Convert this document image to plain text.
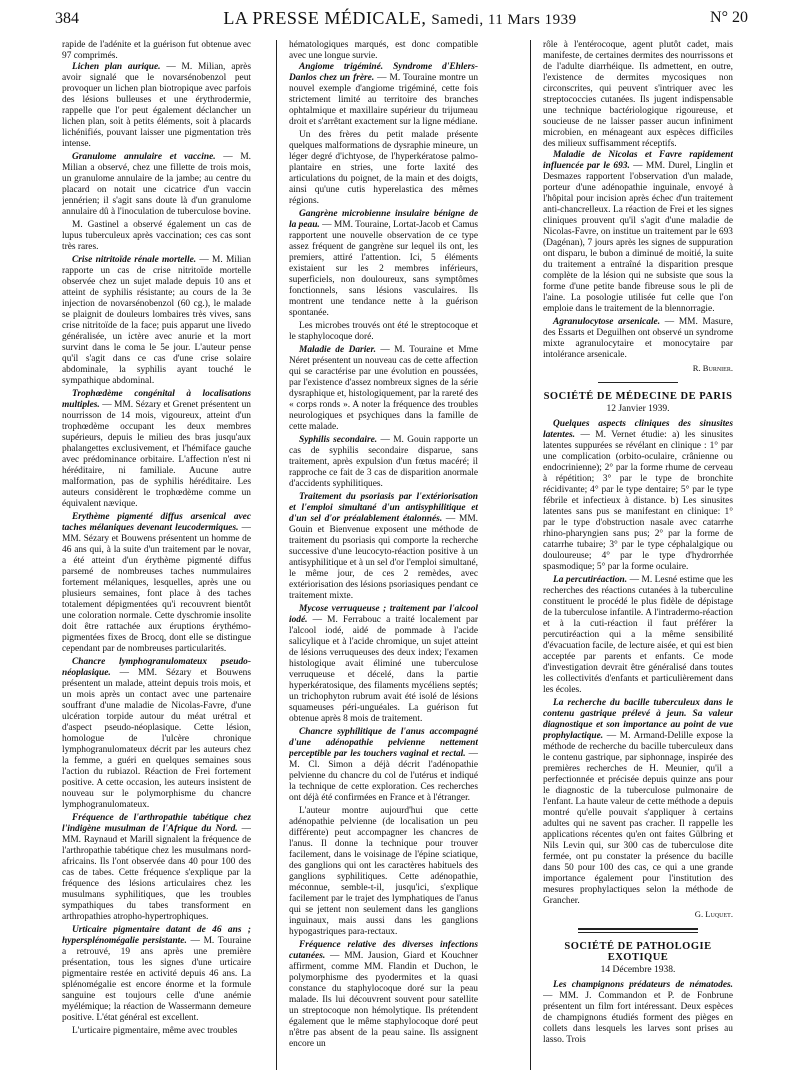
384	LA PRESSE MÉDICALE, Samedi, 11 Mars 1939	N° 20

rapide de l'adénite et la guérison fut obtenue avec 97 comprimés.

Lichen plan aurique. — M. Milian, après avoir signalé que le novarsénobenzol peut provoquer un lichen plan biotropique avec parfois des lésions bulleuses et une érythrodermie, rappelle que l'or peut également déclancher un lichen plan, soit à petits éléments, soit à placards lichénifiés, pouvant laisser une pigmentation très intense.

Granulome annulaire et vaccine. — M. Milian a observé, chez une fillette de trois mois, un granulome annulaire de la jambe; au centre du placard on notait une cicatrice d'un vaccin jennérien; il s'agit sans doute là d'un granulome annulaire dû à l'inoculation de tuberculose bovine.

M. Gastinel a observé également un cas de lupus tuberculeux après vaccination; ces cas sont très rares.

Crise nitritoïde rénale mortelle. — M. Milian rapporte un cas de crise nitritoïde mortelle observée chez un sujet malade depuis 10 ans et atteint de syphilis résistante; au cours de la 3e injection de novarsénobenzol (60 cg.), le malade se plaignit de douleurs lombaires très vives, sans crise nitritoïde de la face; puis apparut une livedo généralisée, un ictère avec anurie et la mort survint dans le coma le 5e jour. L'auteur pense qu'il s'agit dans ce cas d'une crise solaire abdominale, la syphilis ayant touché le sympathique abdominal.

Trophœdème congénital à localisations multiples. — MM. Sézary et Grenet présentent un nourrisson de 14 mois, vigoureux, atteint d'un trophœdème occupant les deux membres supérieurs, depuis le milieu des bras jusqu'aux phalangettes exclusivement, et l'hémiface gauche avec prédominance orbitaire. L'affection n'est ni héréditaire, ni familiale. Aucune autre malformation, pas de syphilis héréditaire. Les auteurs considèrent le trophœdème comme un équivalent nævique.

Erythème pigmenté diffus arsenical avec taches mélaniques devenant leucodermiques. — MM. Sézary et Bouwens présentent un homme de 46 ans qui, à la suite d'un traitement par le novar, a été atteint d'un érythème pigmenté diffus parsemé de nombreuses taches nummulaires fortement mélaniques, lesquelles, après une ou plusieurs semaines, font place à des taches totalement dépigmentées qu'i recouvrent bientôt une coloration normale. Cette dyschromie insolite doit être rattachée aux éruptions érythémo-pigmentées fixes de Brocq, dont elle se distingue cependant par de nombreuses particularités.

Chancre lymphogranulomateux pseudo-néoplasique. — MM. Sézary et Bouwens présentent un malade, atteint depuis trois mois, et un mois après un contact avec une partenaire souffrant d'une maladie de Nicolas-Favre, d'une ulcération torpide autour du méat urétral et d'aspect pseudo-néoplasique. Cette lésion, homologue de l'ulcère chronique lymphogranulomateux décrit par les auteurs chez la femme, a guéri en quelques semaines sous l'action du rubiazol. Réaction de Frei fortement positive. A cette occasion, les auteurs insistent de nouveau sur le polymorphisme du chancre lymphogranulomateux.

Fréquence de l'arthropathie tabétique chez l'indigène musulman de l'Afrique du Nord. — MM. Raynaud et Marill signalent la fréquence de l'arthropathie tabétique chez les musulmans nord-africains. Ils l'ont observée dans 40 pour 100 des cas de tabes. Cette fréquence s'explique par la fréquence des lésions articulaires chez les musulmans syphilitiques, que les troubles sympathiques du tabes transforment en arthropathies atropho-hypertrophiques.

Urticaire pigmentaire datant de 46 ans ; hypersplénomégalie persistante. — M. Touraine a retrouvé, 19 ans après une première présentation, tous les signes d'une urticaire pigmentaire restée en activité depuis 46 ans. La splénomégalie est encore énorme et la formule sanguine est toujours celle d'une anémie myélémique; la réaction de Wassermann demeure positive. L'état général est excellent.

L'urticaire pigmentaire, même avec troubles

hématologiques marqués, est donc compatible avec une longue survie.

Angiome trigéminé. Syndrome d'Ehlers-Danlos chez un frère. — M. Touraine montre un nouvel exemple d'angiome trigéminé, cette fois strictement limité au territoire des branches ophtalmique et maxillaire supérieur du trijumeau droit et s'arrêtant exactement sur la ligne médiane.

Un des frères du petit malade présente quelques malformations de dysraphie mineure, un léger degré d'ichtyose, de l'hyperkératose palmo-plantaire en stries, une forte laxité des articulations du poignet, de la main et des doigts, ainsi qu'une cutis hyperelastica des mêmes régions.

Gangrène microbienne insulaire bénigne de la peau. — MM. Touraine, Lortat-Jacob et Camus rapportent une nouvelle observation de ce type assez fréquent de gangrène sur lequel ils ont, les premiers, attiré l'attention. Ici, 5 éléments existaient sur les 2 membres inférieurs, superficiels, non douloureux, sans symptômes fonctionnels, sans lésions vasculaires. Ils montrent une tendance nette à la guérison spontanée.

Les microbes trouvés ont été le streptocoque et le staphylocoque doré.

Maladie de Darier. — M. Touraine et Mme Néret présentent un nouveau cas de cette affection qui se caractérise par une évolution en poussées, par l'existence d'assez nombreux signes de la série dysraphique et, histologiquement, par la rareté des « corps ronds ». A noter la fréquence des troubles neurologiques et psychiques dans la famille de cette malade.

Syphilis secondaire. — M. Gouin rapporte un cas de syphilis secondaire disparue, sans traitement, après expulsion d'un fœtus macéré; il rapproche ce fait de 3 cas de disparition anormale d'accidents syphilitiques.

Traitement du psoriasis par l'extériorisation et l'emploi simultané d'un antisyphilitique et d'un sel d'or préalablement étalonnés. — MM. Gouin et Bienvenue exposent une méthode de traitement du psoriasis qui comporte la recherche successive d'une leucocyto-réaction positive à un antisyphilitique et à un sel d'or l'emploi simultané, le même jour, de ces 2 remèdes, avec extériorisation des lésions psoriasiques pendant ce traitement mixte.

Mycose verruqueuse ; traitement par l'alcool iodé. — M. Ferrabouc a traité localement par l'alcool iodé, aidé de pommade à l'acide salicylique et à l'acide chromique, un sujet atteint de lésions verruqueuses des deux index; l'examen histologique avait éliminé une tuberculose verruqueuse et décelé, dans la partie hyperkératosique, des filaments mycéliens septés; un trichophyton rubrum avait été isolé de lésions squameuses péri-unguéales. La guérison fut obtenue après 8 mois de traitement.

Chancre syphilitique de l'anus accompagné d'une adénopathie pelvienne nettement perceptible par les touchers vaginal et rectal. — M. Cl. Simon a déjà décrit l'adénopathie pelvienne du chancre du col de l'utérus et indiqué la technique de cette exploration. Ces recherches ont déjà été confirmées en France et à l'étranger.

L'auteur montre aujourd'hui que cette adénopathie pelvienne (de localisation un peu différente) peut accompagner les chancres de l'anus. Il donne la technique pour trouver facilement, dans le voisinage de l'épine sciatique, des ganglions qui ont les caractères habituels des ganglions syphilitiques. Cette adénopathie, méconnue, semble-t-il, jusqu'ici, s'explique facilement par le trajet des lymphatiques de l'anus qui se jettent non seulement dans les ganglions inguinaux, mais aussi dans les ganglions hypogastriques para-rectaux.

Fréquence relative des diverses infections cutanées. — MM. Jausion, Giard et Kouchner affirment, comme MM. Flandin et Duchon, le polymorphisme des pyodermites et la quasi constance du staphylocoque doré sur la peau malade. Ils lui découvrent souvent pour satellite un streptocoque non hémolytique. Ils prétendent également que le même staphylocoque doré peut n'être pas absent de la peau saine. Ils assignent encore un

rôle à l'entérocoque, agent plutôt cadet, mais manifeste, de certaines dermites des nourrissons et de l'adulte diarrhéique. Ils admettent, en outre, l'existence de dermites mycosiques non circonscrites, qui peuvent s'intriquer avec les streptococcies cutanées. Ils jugent indispensable une technique bactériologique rigoureuse, et soucieuse de ne laisser passer aucun infiniment microbien, en ménageant aux espèces difficiles des milieux suffisamment réceptifs.

Maladie de Nicolas et Favre rapidement influencée par le 693. — MM. Durel, Linglin et Desmazes rapportent l'observation d'un malade, porteur d'une adénopathie inguinale, envoyé à l'hôpital pour incision après échec d'un traitement anti-chancrelleux. La réaction de Frei et les signes cliniques prouvent qu'il s'agit d'une maladie de Nicolas-Favre, on institue un traitement par le 693 (Dagénan), 7 jours après les signes de suppuration ont disparu, le bubon a diminué de moitié, la suite du traitement a entraîné la disparition presque complète de la lésion qui ne subsiste que sous la forme d'une petite bande fibreuse sous le pli de l'aine. La posologie utilisée fut celle que l'on emploie dans le traitement de la blennorragie.

Agranulocytose arsenicale. — MM. Masure, des Essarts et Deguilhen ont observé un syndrome mixte agranulocytaire et monocytaire par intolérance arsenicale.

R. Burnier.
SOCIÉTÉ DE MÉDECINE DE PARIS
12 Janvier 1939.

Quelques aspects cliniques des sinusites latentes. — M. Vernet étudie: a) les sinusites latentes suppurées se révélant en clinique : 1° par une complication (orbito-oculaire, crânienne ou endocrinienne); 2° par la forme rhume de cerveau à répétition; 3° par le type de bronchite récidivante; 4° par le type dentaire; 5° par le type fébrile et infectieux à distance. b) Les sinusites latentes sans pus se manifestant en clinique: 1° par le type d'obstruction nasale avec catarrhe rhino-pharyngien sans pus; 2° par la forme de catarrhe tubaire; 3° par le type céphalalgique ou douloureuse; 4° par le type d'hydrorrhée spasmodique; 5° par la forme oculaire.

La percutiréaction. — M. Lesné estime que les recherches des réactions cutanées à la tuberculine constituent le procédé le plus fidèle de dépistage de la tuberculose infantile. A l'intradermo-réaction et à la cuti-réaction il faut préférer la percutiréaction qui a la même sensibilité d'évacuation facile, de lecture aisée, et qui est bien acceptée par parents et enfants. Ce mode d'investigation devrait être généralisé dans toutes les collectivités d'enfants et particulièrement dans les écoles.

La recherche du bacille tuberculeux dans le contenu gastrique prélevé à jeun. Sa valeur diagnostique et son importance au point de vue prophylactique. — M. Armand-Delille expose la méthode de recherche du bacille tuberculeux dans le contenu gastrique, par siphonnage, inspirée des premières recherches de H. Meunier, qu'il a perfectionnée et précisée depuis quinze ans pour le diagnostic de la tuberculose pulmonaire de l'enfant. La haute valeur de cette méthode a depuis montré qu'elle pouvait s'appliquer à certains adultes qui ne savent pas cracher. Il rappelle les applications récentes qu'en ont faites Gülbring et Nils Levin qui, sur 300 cas de tuberculose dite fermée, ont pu constater la présence du bacille dans 50 pour 100 des cas, ce qui a une grande importance également pour l'institution des mesures prophylactiques selon la méthode de Grancher.

G. Luquet.
SOCIÉTÉ DE PATHOLOGIE EXOTIQUE
14 Décembre 1938.

Les champignons prédateurs de nématodes. — MM. J. Commandon et P. de Fonbrune présentent un film fort intéressant. Deux espèces de champignons étudiés forment des pièges en collets dans lesquels les larves sont prises au lasso. Trois
